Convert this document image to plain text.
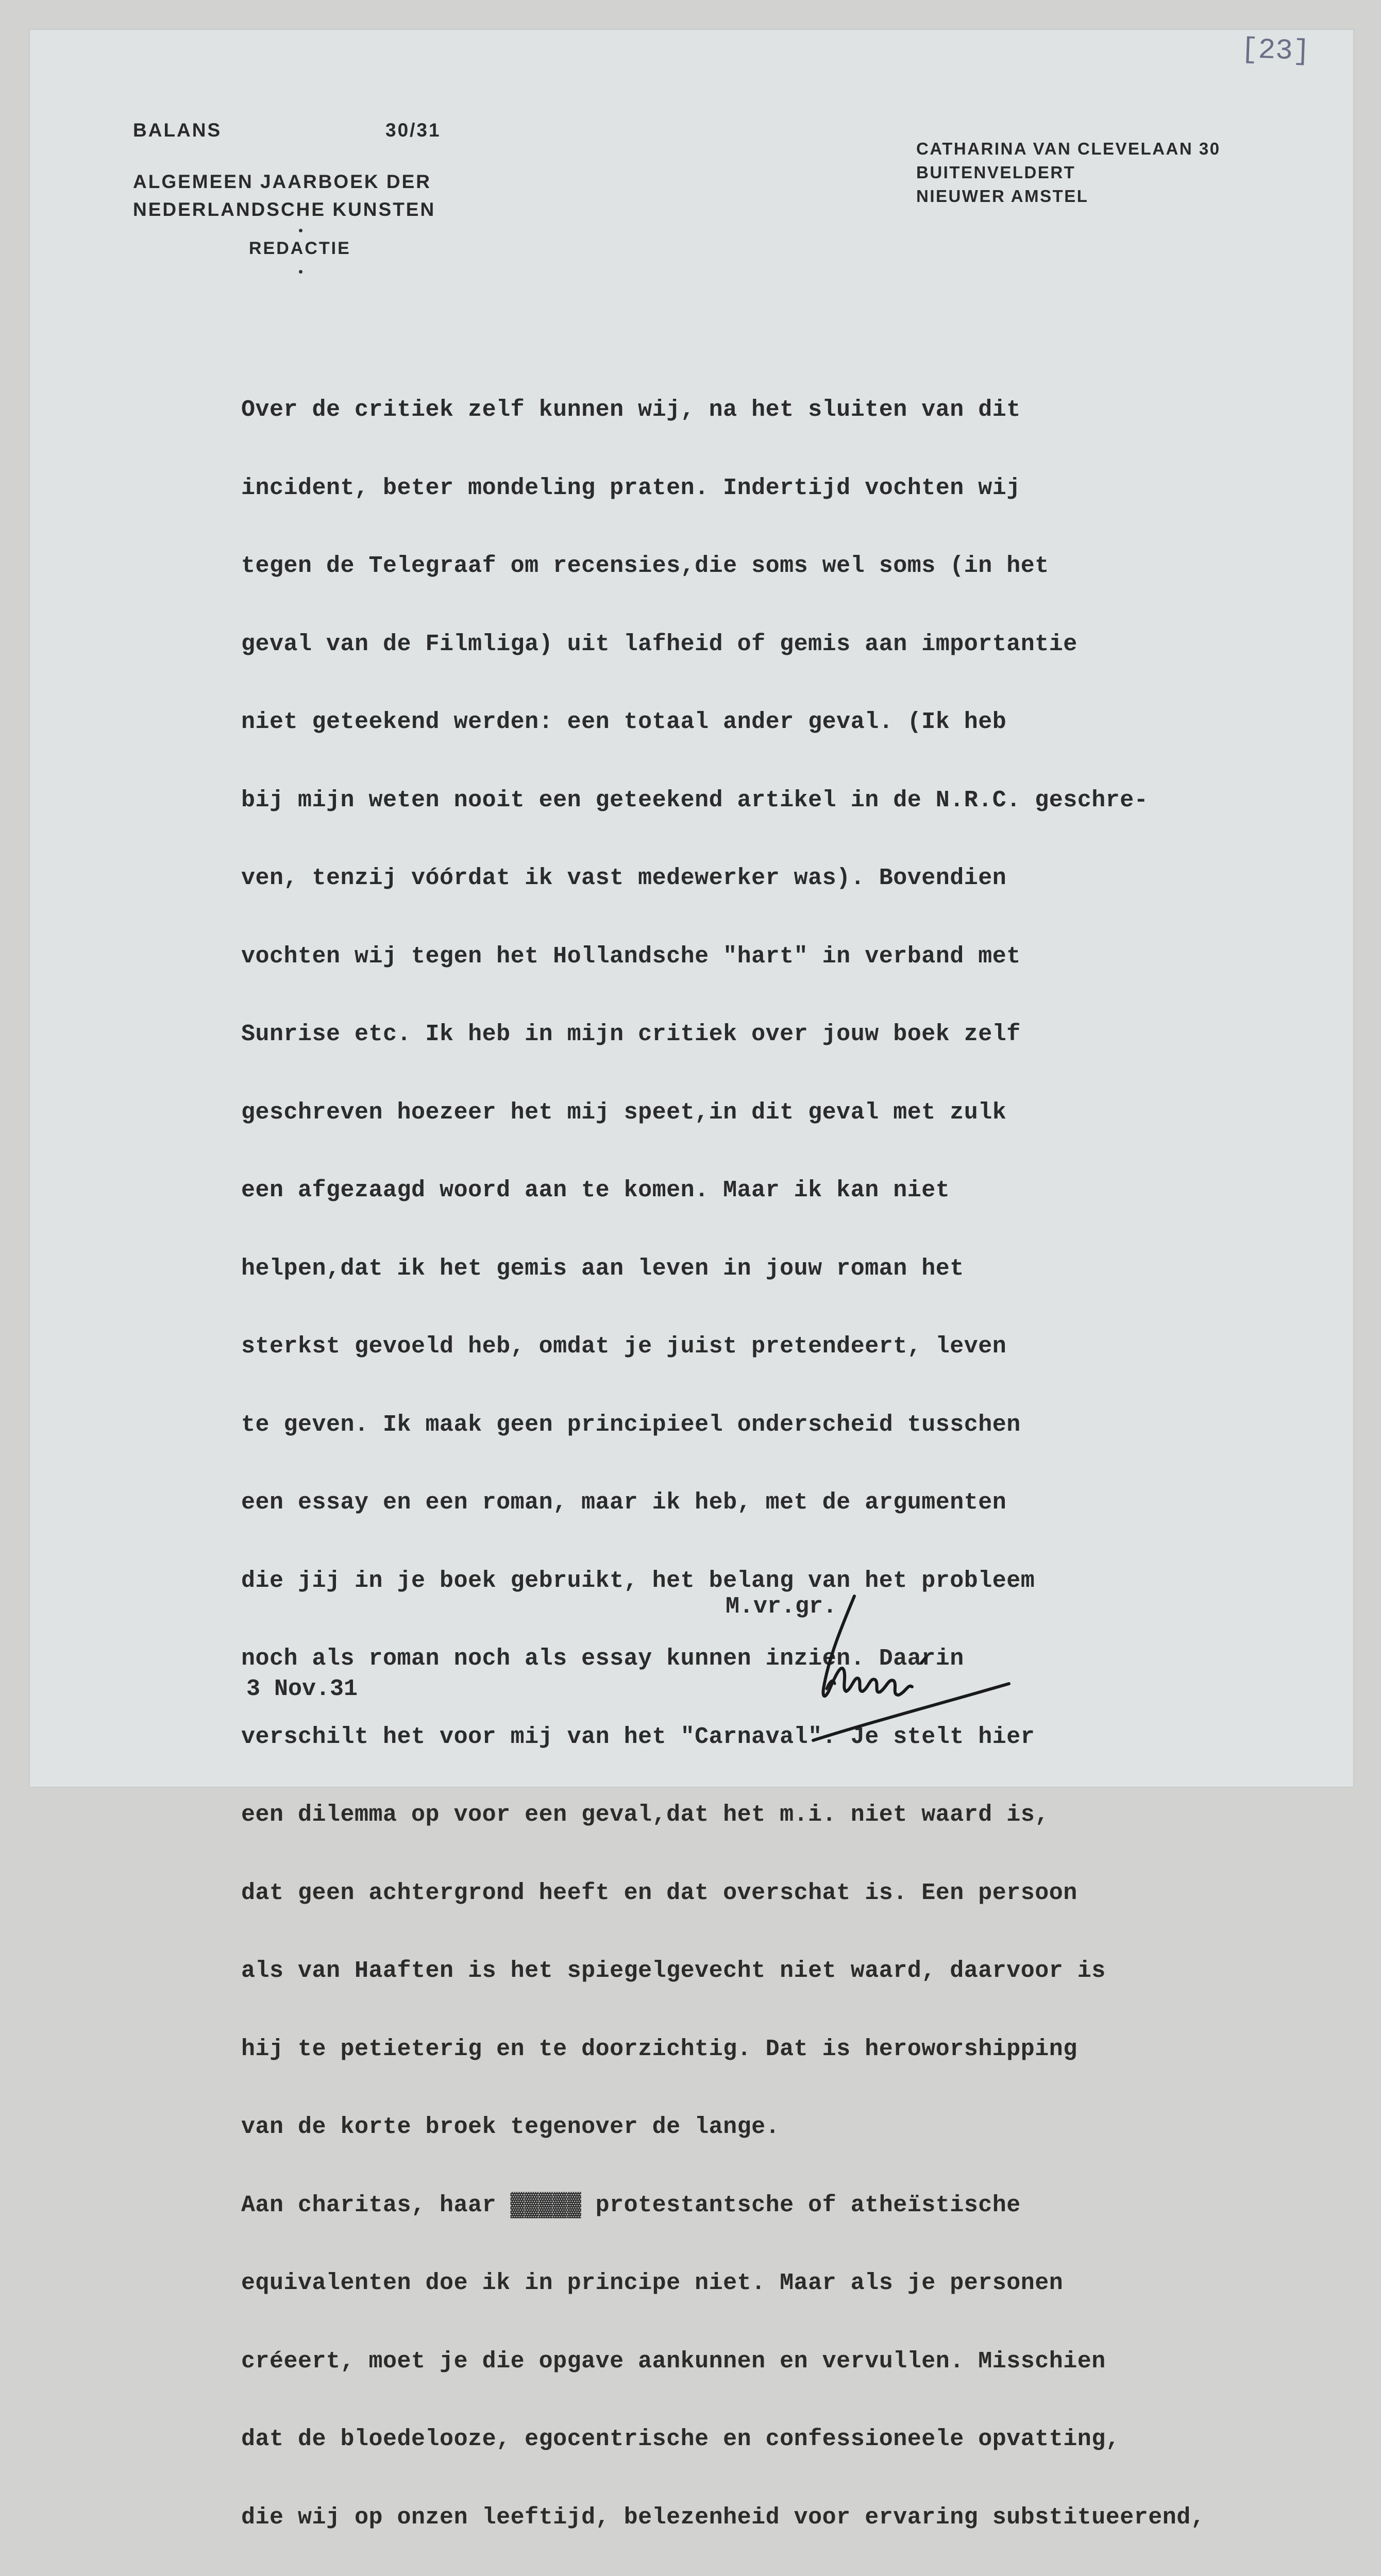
[23]
BALANS	30/31
ALGEMEEN JAARBOEK DER
NEDERLANDSCHE KUNSTEN
REDACTIE
CATHARINA VAN CLEVELAAN 30
BUITENVELDERT
NIEUWER AMSTEL

Over de critiek zelf kunnen wij, na het sluiten van dit

incident, beter mondeling praten. Indertijd vochten wij

tegen de Telegraaf om recensies,die soms wel soms (in het

geval van de Filmliga) uit lafheid of gemis aan importantie

niet geteekend werden: een totaal ander geval. (Ik heb

bij mijn weten nooit een geteekend artikel in de N.R.C. geschre-

ven, tenzij vóórdat ik vast medewerker was). Bovendien

vochten wij tegen het Hollandsche "hart" in verband met

Sunrise etc. Ik heb in mijn critiek over jouw boek zelf

geschreven hoezeer het mij speet,in dit geval met zulk

een afgezaagd woord aan te komen. Maar ik kan niet

helpen,dat ik het gemis aan leven in jouw roman het

sterkst gevoeld heb, omdat je juist pretendeert, leven

te geven. Ik maak geen principieel onderscheid tusschen

een essay en een roman, maar ik heb, met de argumenten

die jij in je boek gebruikt, het belang van het probleem

noch als roman noch als essay kunnen inzien. Daarin

verschilt het voor mij van het "Carnaval". Je stelt hier

een dilemma op voor een geval,dat het m.i. niet waard is,

dat geen achtergrond heeft en dat overschat is. Een persoon

als van Haaften is het spiegelgevecht niet waard, daarvoor is

hij te petieterig en te doorzichtig. Dat is heroworshipping

van de korte broek tegenover de lange.

Aan charitas, haar ▓▓▓▓▓ protestantsche of atheïstische

equivalenten doe ik in principe niet. Maar als je personen

créeert, moet je die opgave aankunnen en vervullen. Misschien

dat de bloedelooze, egocentrische en confessioneele opvatting,

die wij op onzen leeftijd, belezenheid voor ervaring substitueerend,

M.vr.gr.
3 Nov.31
